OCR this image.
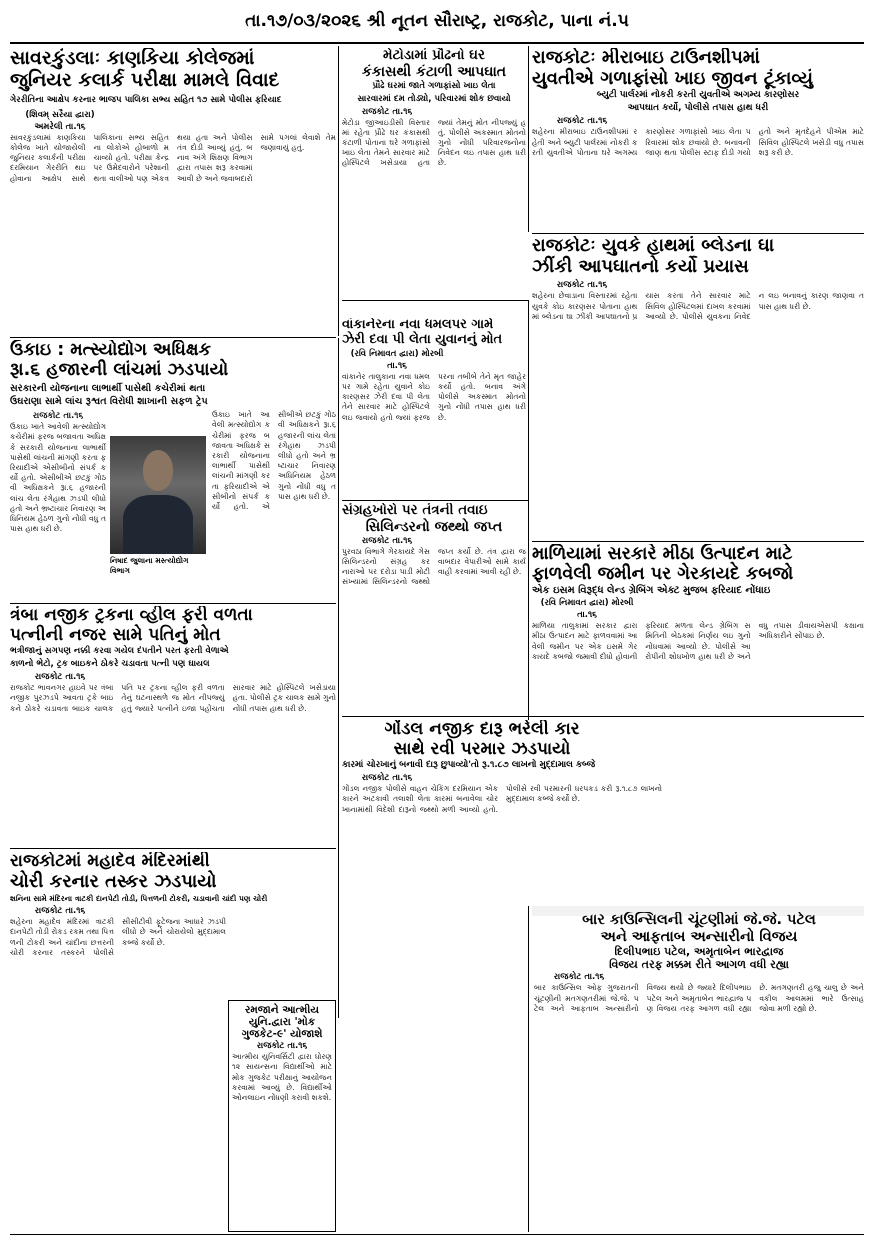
તા.૧૭/૦૩/૨૦૨૬ શ્રી નૂતન સૌરાષ્ટ્ર, રાજકોટ, પાના નં.૫
સાવરકુંડલાઃ કાણકિયા કોલેજમાં
જુનિયર કલાર્ક પરીક્ષા મામલે વિવાદ
ગેરરીતિના આક્ષેપ કરનાર ભાજપ પાલિકા સભ્ય સહિત ૧૭ સામે પોલીસ ફરિયાદ
(શિવમ્ સરૈયા દ્વારા) અમરેલી તા.૧૬
સાવરકુંડલામાં કાણકિયા કોલેજ ખાતે યોજાયેલી જુનિયર કલાર્કની પરીક્ષા દરમિયાન ગેરરીતિ થઇ હોવાના આક્ષેપ સાથે પાલિકાના સભ્ય સહિતના લોકોએ હોબાળો મચાવ્યો હતો. પરીક્ષા કેન્દ્ર પર ઉમેદવારોને પરેશાની થતા વાલીઓ પણ એકત્ર થયા હતા અને પોલીસ તંત્ર દોડી આવ્યું હતું. બનાવ અંગે શિક્ષણ વિભાગ દ્વારા તપાસ શરૂ કરવામાં આવી છે અને જવાબદારો સામે પગલાં લેવાશે તેમ જણાવાયું હતું.
મેટોડામાં પ્રૌઢનો ઘર
કંકાસથી કંટાળી આપઘાત
પ્રૌઢે ઘરમાં જાતે ગળાફાંસો ખાઇ લેતા
સારવારમાં દમ તોડ્યો, પરિવારમાં શોક છવાયો
રાજકોટ તા.૧૬
મેટોડા જીઆઇડીસી વિસ્તારમાં રહેતા પ્રૌઢે ઘર કંકાસથી કંટાળી પોતાના ઘરે ગળાફાંસો ખાઇ લેતા તેમને સારવાર માટે હોસ્પિટલે ખસેડાયા હતા જ્યાં તેમનું મોત નીપજ્યું હતું. પોલીસે અકસ્માત મોતનો ગુનો નોંધી પરિવારજનોના નિવેદન લઇ તપાસ હાથ ધરી છે.
રાજકોટઃ મીરાબાઇ ટાઉનશીપમાં
યુવતીએ ગળાફાંસો ખાઇ જીવન ટૂંકાવ્યું
બ્યુટી પાર્લરમાં નોકરી કરતી યુવતીએ અગમ્ય કારણોસર
આપઘાત કર્યો, પોલીસે તપાસ હાથ ધરી
રાજકોટ તા.૧૬
શહેરના મીરાબાઇ ટાઉનશીપમાં રહેતી અને બ્યુટી પાર્લરમાં નોકરી કરતી યુવતીએ પોતાના ઘરે અગમ્ય કારણોસર ગળાફાંસો ખાઇ લેતા પરિવારમાં શોક છવાયો છે. બનાવની જાણ થતા પોલીસ સ્ટાફ દોડી ગયો હતો અને મૃતદેહને પીએમ માટે સિવિલ હોસ્પિટલે ખસેડી વધુ તપાસ શરૂ કરી છે.
રાજકોટઃ યુવકે હાથમાં બ્લેડના ઘા
ઝીંકી આપઘાતનો કર્યો પ્રયાસ
રાજકોટ તા.૧૬
શહેરના છેવાડાના વિસ્તારમાં રહેતા યુવકે કોઇ કારણસર પોતાના હાથમાં બ્લેડના ઘા ઝીંકી આપઘાતનો પ્રયાસ કરતા તેને સારવાર માટે સિવિલ હોસ્પિટલમાં દાખલ કરવામાં આવ્યો છે. પોલીસે યુવકના નિવેદન લઇ બનાવનું કારણ જાણવા તપાસ હાથ ધરી છે.
ઉકાઇ : મત્સ્યોદ્યોગ અધિક્ષક
રૂા.૬ હજારની લાંચમાં ઝડપાયો
સરકારની યોજનાના લાભાર્થી પાસેથી કચેરીમાં થતા
ઉઘરાણા સામે લાંચ રૂશ્વત વિરોધી શાખાની સફળ ટ્રેપ
રાજકોટ તા.૧૬
ઉકાઇ ખાતે આવેલી મત્સ્યોદ્યોગ કચેરીમાં ફરજ બજાવતા અધિક્ષકે સરકારી યોજનાના લાભાર્થી પાસેથી લાંચની માંગણી કરતા ફરિયાદીએ એસીબીનો સંપર્ક કર્યો હતો. એસીબીએ છટકું ગોઠવી અધિક્ષકને રૂા.૬ હજારની લાંચ લેતા રંગેહાથ ઝડપી લીધો હતો અને ભ્રષ્ટાચાર નિવારણ અધિનિયમ હેઠળ ગુનો નોંધી વધુ તપાસ હાથ ધરી છે.
નિષાદ જુલાના મસ્ત્યોદ્યોગ વિભાગ
ઉકાઇ ખાતે આવેલી મત્સ્યોદ્યોગ કચેરીમાં ફરજ બજાવતા અધિક્ષકે સરકારી યોજનાના લાભાર્થી પાસેથી લાંચની માંગણી કરતા ફરિયાદીએ એસીબીનો સંપર્ક કર્યો હતો. એસીબીએ છટકું ગોઠવી અધિક્ષકને રૂા.૬ હજારની લાંચ લેતા રંગેહાથ ઝડપી લીધો હતો અને ભ્રષ્ટાચાર નિવારણ અધિનિયમ હેઠળ ગુનો નોંધી વધુ તપાસ હાથ ધરી છે.
વાંકાનેરના નવા ધમલપર ગામે
ઝેરી દવા પી લેતા યુવાનનું મોત
(રવિ નિમાવત દ્વારા) મોરબી તા.૧૬
વાંકાનેર તાલુકાના નવા ધમલપર ગામે રહેતા યુવાને કોઇ કારણસર ઝેરી દવા પી લેતા તેને સારવાર માટે હોસ્પિટલે લઇ જવાયો હતો જ્યાં ફરજ પરના તબીબે તેને મૃત જાહેર કર્યો હતો. બનાવ અંગે પોલીસે અકસ્માત મોતનો ગુનો નોંધી તપાસ હાથ ધરી છે.
માળિયામાં સરકારે મીઠા ઉત્પાદન માટે
ફાળવેલી જમીન પર ગેરકાયદે કબજો
એક ઇસમ વિરૂદ્ધ લેન્ડ ગ્રેબિંગ એક્ટ મુજબ ફરિયાદ નોંધાઇ
(રવિ નિમાવત દ્વારા) મોરબી તા.૧૬
માળિયા તાલુકામાં સરકાર દ્વારા મીઠા ઉત્પાદન માટે ફાળવવામાં આવેલી જમીન પર એક ઇસમે ગેરકાયદે કબજો જમાવી દીધો હોવાની ફરિયાદ મળતા લેન્ડ ગ્રેબિંગ સમિતિની બેઠકમાં નિર્ણય લઇ ગુનો નોંધવામાં આવ્યો છે. પોલીસે આરોપીની શોધખોળ હાથ ધરી છે અને વધુ તપાસ ડીવાયએસપી કક્ષાના અધિકારીને સોંપાઇ છે.
ત્રંબા નજીક ટ્રકના વ્હીલ ફરી વળતા
પત્નીની નજર સામે પતિનું મોત
ભત્રીજાનું સગપણ નક્કી કરવા ગયેલ દંપતીને પરત ફરતી વેળાએ
કાળનો ભેટો, ટ્રક બાઇકને ઠોકરે ચડાવતા પત્ની પણ ઘાયલ
રાજકોટ તા.૧૬
રાજકોટ ભાવનગર હાઇવે પર ત્રંબા નજીક પુરઝડપે આવતા ટ્રકે બાઇકને ઠોકરે ચડાવતા બાઇક ચાલક પતિ પર ટ્રકના વ્હીલ ફરી વળતા તેનું ઘટનાસ્થળે જ મોત નીપજ્યું હતું જ્યારે પત્નીને ઇજા પહોંચતા સારવાર માટે હોસ્પિટલે ખસેડાયા હતા. પોલીસે ટ્રક ચાલક સામે ગુનો નોંધી તપાસ હાથ ધરી છે.
સંગ્રહખોરો પર તંત્રની તવાઇ
સિલિન્ડરનો જથ્થો જપ્ત
રાજકોટ તા.૧૬
પુરવઠા વિભાગે ગેરકાયદે ગેસ સિલિન્ડરનો સંગ્રહ કરનારાઓ પર દરોડા પાડી મોટી સંખ્યામાં સિલિન્ડરનો જથ્થો જપ્ત કર્યો છે. તંત્ર દ્વારા જવાબદાર વેપારીઓ સામે કાર્યવાહી કરવામાં આવી રહી છે.
ગોંડલ નજીક દારૂ ભરેલી કાર
સાથે રવી પરમાર ઝડપાયો
કારમાં ચોરખાનું બનાવી દારૂ છુપાવ્યો'તો રૂ.૧.૮૭ લાખનો મુદ્દામાલ કબ્જે
રાજકોટ તા.૧૬
ગોંડલ નજીક પોલીસે વાહન ચેકિંગ દરમિયાન એક કારને અટકાવી તલાશી લેતા કારમાં બનાવેલા ચોરખાનામાંથી વિદેશી દારૂનો જથ્થો મળી આવ્યો હતો. પોલીસે રવી પરમારની ધરપકડ કરી રૂ.૧.૮૭ લાખનો મુદ્દામાલ કબ્જે કર્યો છે.
રાજકોટમાં મહાદેવ મંદિરમાંથી
ચોરી કરનાર તસ્કર ઝડપાયો
શનિના સામે મંદિરના ત્રાટકી દાનપેટી તોડી, પિત્તળની ટોકરી, ચડાવાની ચાંદી પણ ચોરી
રાજકોટ તા.૧૬
શહેરના મહાદેવ મંદિરમાં ત્રાટકી દાનપેટી તોડી રોકડ રકમ તથા પિત્તળની ટોકરી અને ચાંદીના છત્તરની ચોરી કરનાર તસ્કરને પોલીસે સીસીટીવી ફૂટેજના આધારે ઝડપી લીધો છે અને ચોરાયેલો મુદ્દામાલ કબ્જે કર્યો છે.
રમજાને આત્મીય
યુનિ.દ્વારા 'મોક
ગુજકેટ-૯' યોજાશે
રાજકોટ તા.૧૬
આત્મીય યુનિવર્સિટી દ્વારા ધોરણ ૧૨ સાયન્સના વિદ્યાર્થીઓ માટે મોક ગુજકેટ પરીક્ષાનું આયોજન કરવામાં આવ્યું છે. વિદ્યાર્થીઓ ઓનલાઇન નોંધણી કરાવી શકશે.
બાર કાઉન્સિલની ચૂંટણીમાં જે.જે. પટેલ
અને આફતાબ અન્સારીનો વિજય
દિલીપભાઇ પટેલ, અમૃતાબેન ભારદ્વાજ
વિજય તરફ મક્કમ રીતે આગળ વધી રહ્યા
રાજકોટ તા.૧૬
બાર કાઉન્સિલ ઓફ ગુજરાતની ચૂંટણીની મતગણતરીમાં જે.જે. પટેલ અને આફતાબ અન્સારીનો વિજય થયો છે જ્યારે દિલીપભાઇ પટેલ અને અમૃતાબેન ભારદ્વાજ પણ વિજય તરફ આગળ વધી રહ્યા છે. મતગણતરી હજુ ચાલુ છે અને વકીલ આલમમાં ભારે ઉત્સાહ જોવા મળી રહ્યો છે.
